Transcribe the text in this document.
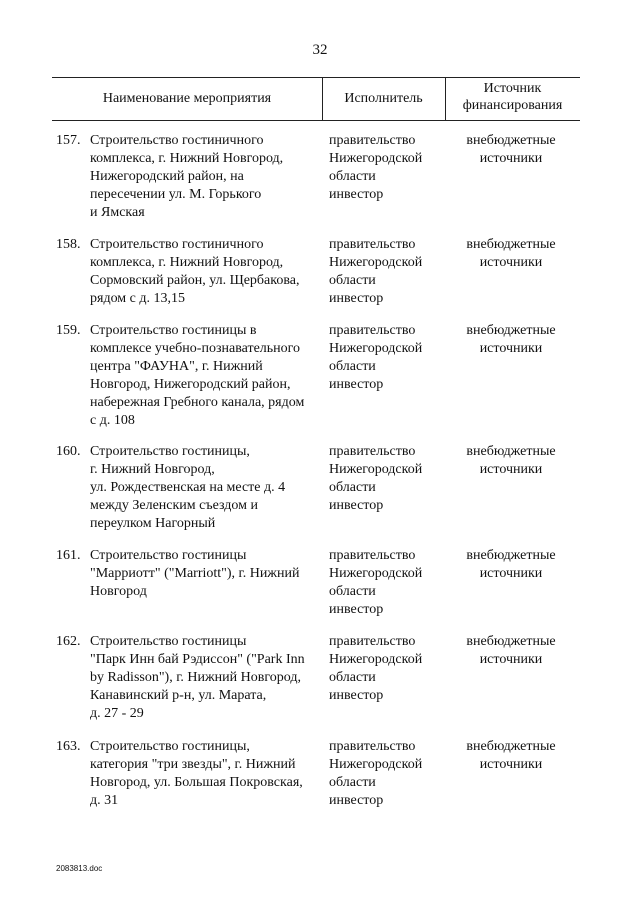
32
Наименование мероприятия	Исполнитель
Источник
финансирования
157. Строительство гостиничного
комплекса, г. Нижний Новгород,
Нижегородский район, на
пересечении ул. М. Горького
и Ямская
правительство
Нижегородской
области
инвестор
внебюджетные
источники
158. Строительство гостиничного
комплекса, г. Нижний Новгород,
Сормовский район, ул. Щербакова,
рядом с д. 13,15
правительство
Нижегородской
области
инвестор
внебюджетные
источники
159. Строительство гостиницы в
комплексе учебно-познавательного
центра "ФАУНА", г. Нижний
Новгород, Нижегородский район,
набережная Гребного канала, рядом
с д. 108
правительство
Нижегородской
области
инвестор
внебюджетные
источники
160. Строительство гостиницы,
г. Нижний Новгород,
ул. Рождественская на месте д. 4
между Зеленским съездом и
переулком Нагорный
правительство
Нижегородской
области
инвестор
внебюджетные
источники
161. Строительство гостиницы
"Марриотт" ("Marriott"), г. Нижний
Новгород
правительство
Нижегородской
области
инвестор
внебюджетные
источники
162. Строительство гостиницы
"Парк Инн бай Рэдиссон" ("Park Inn
by Radisson"), г. Нижний Новгород,
Канавинский р-н, ул. Марата,
д. 27 - 29
правительство
Нижегородской
области
инвестор
внебюджетные
источники
163. Строительство гостиницы,
категория "три звезды", г. Нижний
Новгород, ул. Большая Покровская,
д. 31
правительство
Нижегородской
области
инвестор
внебюджетные
источники
2083813.doc
